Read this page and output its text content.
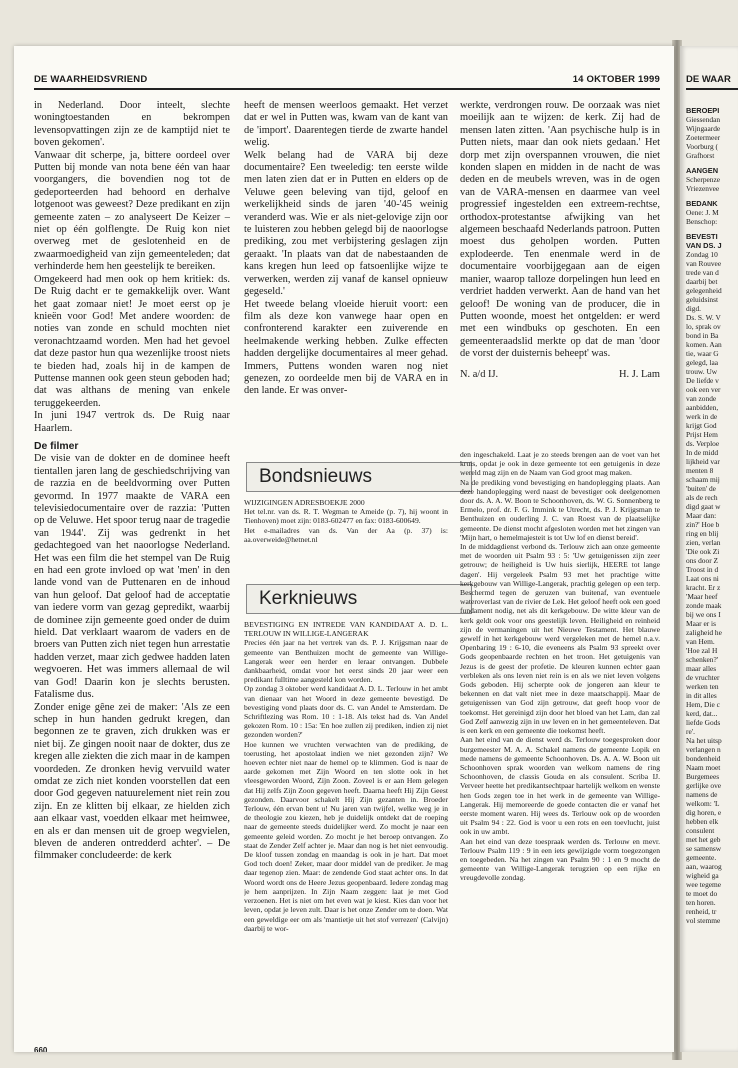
DE WAARHEIDSVRIEND	14 OKTOBER 1999

in Nederland. Door inteelt, slechte woningtoestanden en bekrompen levensopvattingen zijn ze de kamptijd niet te boven gekomen'.

Vanwaar dit scherpe, ja, bittere oordeel over Putten bij monde van nota bene één van haar voorgangers, die bovendien nog tot de gedeporteerden had behoord en derhalve lotgenoot was geweest? Deze predikant en zijn gemeente zaten – zo analyseert De Keizer – niet op één golflengte. De Ruig kon niet overweg met de geslotenheid en de zwaarmoedigheid van zijn gemeenteleden; dat verhinderde hem hen geestelijk te bereiken.

Omgekeerd had men ook op hem kritiek: ds. De Ruig dacht er te gemakkelijk over. Want het gaat zomaar niet! Je moet eerst op je knieën voor God! Met andere woorden: de noties van zonde en schuld mochten niet veronachtzaamd worden. Men had het gevoel dat deze pastor hun qua wezenlijke troost niets te bieden had, zoals hij in de kampen de Puttense mannen ook geen steun geboden had; dat was althans de mening van enkele teruggekeerden.

In juni 1947 vertrok ds. De Ruig naar Haarlem.

De filmer

De visie van de dokter en de dominee heeft tientallen jaren lang de geschiedschrijving van de razzia en de beeldvorming over Putten gevormd. In 1977 maakte de VARA een televisiedocumentaire over de razzia: 'Putten op de Veluwe. Het spoor terug naar de tragedie van 1944'. Zij was gedrenkt in het gedachtegoed van het naoorlogse Nederland. Het was een film die het stempel van De Ruig en had een grote invloed op wat 'men' in den lande vond van de Puttenaren en de inhoud van hun geloof. Dat geloof had de acceptatie van iedere vorm van gezag gepredikt, waarbij de dominee zijn gemeente goed onder de duim hield. Dat verklaart waarom de vaders en de broers van Putten zich niet tegen hun arrestatie hadden verzet, maar zich gedwee hadden laten wegvoeren. Het was immers allemaal de wil van God! Daarin kon je slechts berusten. Fatalisme dus.

Zonder enige gêne zei de maker: 'Als ze een schep in hun handen gedrukt kregen, dan begonnen ze te graven, zich drukken was er niet bij. Ze gingen nooit naar de dokter, dus ze kregen alle ziekten die zich maar in de kampen voordeden. Ze dronken hevig vervuild water omdat ze zich niet konden voorstellen dat een door God gegeven natuurelement niet rein zou zijn. En ze klitten bij elkaar, ze hielden zich aan elkaar vast, voedden elkaar met heimwee, en als er dan mensen uit de groep wegvielen, bleven de anderen ontredderd achter'. – De filmmaker concludeerde: de kerk

heeft de mensen weerloos gemaakt. Het verzet dat er wel in Putten was, kwam van de kant van de 'import'. Daarentegen tierde de zwarte handel welig.

Welk belang had de VARA bij deze documentaire? Een tweeledig: ten eerste wilde men laten zien dat er in Putten en elders op de Veluwe geen beleving van tijd, geloof en werkelijkheid sinds de jaren '40-'45 weinig veranderd was. Wie er als niet-gelovige zijn oor te luisteren zou hebben gelegd bij de naoorlogse prediking, zou met verbijstering geslagen zijn geraakt. 'In plaats van dat de nabestaanden de kans kregen hun leed op fatsoenlijke wijze te verwerken, werden zij vanaf de kansel opnieuw gegeseld.'

Het tweede belang vloeide hieruit voort: een film als deze kon vanwege haar open en confronterend karakter een zuiverende en heelmakende werking hebben. Zulke effecten hadden dergelijke documentaires al meer gehad. Immers, Puttens wonden waren nog niet genezen, zo oordeelde men bij de VARA en in den lande. Er was onver-

Bondsnieuws

WIJZIGINGEN ADRESBOEKJE 2000

Het tel.nr. van ds. R. T. Wegman te Ameide (p. 7), hij woont in Tienhoven) moet zijn: 0183-602477 en fax: 0183-600649.

Het e-mailadres van ds. Van der Aa (p. 37) is: aa.overweide@hetnet.nl

Kerknieuws

BEVESTIGING EN INTREDE VAN KANDIDAAT A. D. L. TERLOUW IN WILLIGE-LANGERAK

Precies één jaar na het vertrek van ds. P. J. Krijgsman naar de gemeente van Benthuizen mocht de gemeente van Willige-Langerak weer een herder en leraar ontvangen. Dubbele dankbaarheid, omdat voor het eerst sinds 20 jaar weer een predikant fulltime aangesteld kon worden.

Op zondag 3 oktober werd kandidaat A. D. L. Terlouw in het ambt van dienaar van het Woord in deze gemeente bevestigd. De bevestiging vond plaats door ds. C. van Andel te Amsterdam. De Schriftlezing was Rom. 10 : 1-18. Als tekst had ds. Van Andel gekozen Rom. 10 : 15a: 'En hoe zullen zij prediken, indien zij niet gezonden worden?'

Hoe kunnen we vruchten verwachten van de prediking, de toerusting, het apostolaat indien we niet gezonden zijn? We hoeven echter niet naar de hemel op te klimmen. God is naar de aarde gekomen met Zijn Woord en ten slotte ook in het vleesgeworden Woord, Zijn Zoon. Zoveel is er aan Hem gelegen dat Hij zelfs Zijn Zoon gegeven heeft. Daarna heeft Hij Zijn Geest gezonden. Daarvoor schakelt Hij Zijn gezanten in. Broeder Terlouw, één ervan bent u! Nu jaren van twijfel, welke weg je in de theologie zou kiezen, heb je duidelijk ontdekt dat de roeping naar de gemeente steeds duidelijker werd. Zo mocht je naar een gemeente geleid worden. Zo mocht je het beroep ontvangen. Zo staat de Zender Zelf achter je. Maar dan nog is het niet eenvoudig. De kloof tussen zondag en maandag is ook in je hart. Dat moet God toch doen! Zeker, maar door middel van de prediker. Je mag daar tegenop zien. Maar: de zendende God staat achter ons. In dat Woord wordt ons de Heere Jezus geopenbaard. Iedere zondag mag je hem aanprijzen. In Zijn Naam zeggen: laat je met God verzoenen. Het is niet om het even wat je kiest. Kies dan voor het leven, opdat je leven zult. Daar is het onze Zender om te doen. Wat een geweldige eer om als 'mantietje uit het stof verrezen' (Calvijn) daarbij te wor-

werkte, verdrongen rouw. De oorzaak was niet moeilijk aan te wijzen: de kerk. Zij had de mensen laten zitten. 'Aan psychische hulp is in Putten niets, maar dan ook niets gedaan.' Het dorp met zijn overspannen vrouwen, die niet konden slapen en midden in de nacht de was deden en de meubels wreven, was in de ogen van de VARA-mensen en daarmee van veel progressief ingestelden een extreem-rechtse, orthodox-protestantse afwijking van het algemeen beschaafd Nederlands patroon. Putten moest dus geholpen worden. Putten explodeerde. Ten enenmale werd in de documentaire voorbijgegaan aan de eigen manier, waarop talloze dorpelingen hun leed en verdriet hadden verwerkt. Aan de hand van het geloof! De woning van de producer, die in Putten woonde, moest het ontgelden: er werd met een windbuks op geschoten. En een gemeenteraadslid merkte op dat de man 'door de vorst der duisternis beheept' was.

N. a/d IJ.	H. J. Lam

den ingeschakeld. Laat je zo steeds brengen aan de voet van het kruis, opdat je ook in deze gemeente tot een getuigenis in deze wereld mag zijn en de Naam van God groot mag maken.

Na de prediking vond bevestiging en handoplegging plaats. Aan deze handoplegging werd naast de bevestiger ook deelgenomen door ds. A. A. W. Boon te Schoonhoven, ds. W. G. Sonnenberg te Ermelo, prof. dr. F. G. Immink te Utrecht, ds. P. J. Krijgsman te Benthuizen en ouderling J. C. van Roest van de plaatselijke gemeente. De dienst mocht afgesloten worden met het zingen van 'Mijn hart, o hemelmajesteit is tot Uw lof en dienst bereid'.

In de middagdienst verbond ds. Terlouw zich aan onze gemeente met de woorden uit Psalm 93 : 5: 'Uw getuigenissen zijn zeer getrouw; de heiligheid is Uw huis sierlijk, HEERE tot lange dagen'. Hij vergeleek Psalm 93 met het prachtige witte kerkgebouw van Willige-Langerak, prachtig gelegen op een terp. Beschermd tegen de geruzen van buitenaf, van eventuele wateroverlast van de rivier de Lek. Het geloof heeft ook een goed fundament nodig, net als dit kerkgebouw. De witte kleur van de kerk geldt ook voor ons geestelijk leven. Heiligheid en reinheid zijn de vermaningen uit het Nieuwe Testament. Het blauwe gewelf in het kerkgebouw werd vergeleken met de hemel n.a.v. Openbaring 19 : 6-10, die eveneens als Psalm 93 spreekt over Gods geopenbaarde rechten en het troon. Het getuigenis van Jezus is de geest der profetie. De kleuren kunnen echter gaan verbleken als ons leven niet rein is en als we niet leven volgens Gods geboden. Hij scherpte ook de jongeren aan kleur te bekennen en dat valt niet mee in deze maatschappij. Maar de getuigenissen van God zijn getrouw, dat geeft hoop voor de toekomst. Het gereinigd zijn door het bloed van het Lam, dan zal God Zelf aanwezig zijn in uw leven en in het gemeenteleven. Dat is een kerk en een gemeente die toekomst heeft.

Aan het eind van de dienst werd ds. Terlouw toegesproken door burgemeester M. A. A. Schakel namens de gemeente Lopik en mede namens de gemeente Schoonhoven. Ds. A. A. W. Boon uit Schoonhoven sprak woorden van welkom namens de ring Schoonhoven, de classis Gouda en als consulent. Scriba IJ. Verveer heette het predikantsechtpaar hartelijk welkom en wenste hen Gods zegen toe in het werk in de gemeente van Willige-Langerak. Hij memoreerde de goede contacten die er vanaf het eerste moment waren. Hij wees ds. Terlouw ook op de woorden uit Psalm 94 : 22. God is voor u een rots en een toevlucht, juist ook in uw ambt.

Aan het eind van deze toespraak werden ds. Terlouw en mevr. Terlouw Psalm 119 : 9 in een iets gewijzigde vorm toegezongen en toegebeden. Na het zingen van Psalm 90 : 1 en 9 mocht de gemeente van Willige-Langerak terugzien op een rijke en vreugdevolle zondag.

660
DE WAAR
BEROEPI
Giessendan
Wijngaarde
Zoetermeer
Voorburg (
Grafhorst
AANGEN
Scherpenze
Vriezenvee
BEDANK
Oene: J. M
Benschop:
BEVESTI
VAN DS. J
Zondag 10
van Rouvee
trede van d
daarbij bet
gelegenheid
geluidsinst
digd.
Ds. S. W. V
lo, sprak ov
bond in Ba
komen. Aan
tie, waar G
gelegd, laa
trouw. Uw
De liefde v
ook een ver
van zonde
aanbidden,
werk in de
krijgt God
Prijst Hem
ds. Verploe
In de midd
lijkheid var
menten 8
schaam mij
'buiten' de
als de rech
digd gaat w
Maar dan:
zin?' Hoe b
ring en blij
zien, verlan
'Die ook Zi
ons door Z
Troost in d
Laat ons ni
kracht. Er z
'Maar heef
zonde maak
bij we ons I
Maar er is
zaligheid he
van Hem.
'Hoe zal H
schenken?'
maar alles
de vruchter
werken ten
in dit alles
Hem, Die c
kerd, dat...
liefde Gods
re'.
Na het uitsp
verlangen n
bondenheid
Naam moet
Burgemees
gerlijke ove
namens de
welkom: 'L
dig horen, e
hebben elk
consulent
met het geb
se samensw
gemeente.
aan, waarog
wigheid ga
wee tegeme
te moet do
ten horen.
renheid, tr
vol stemme
